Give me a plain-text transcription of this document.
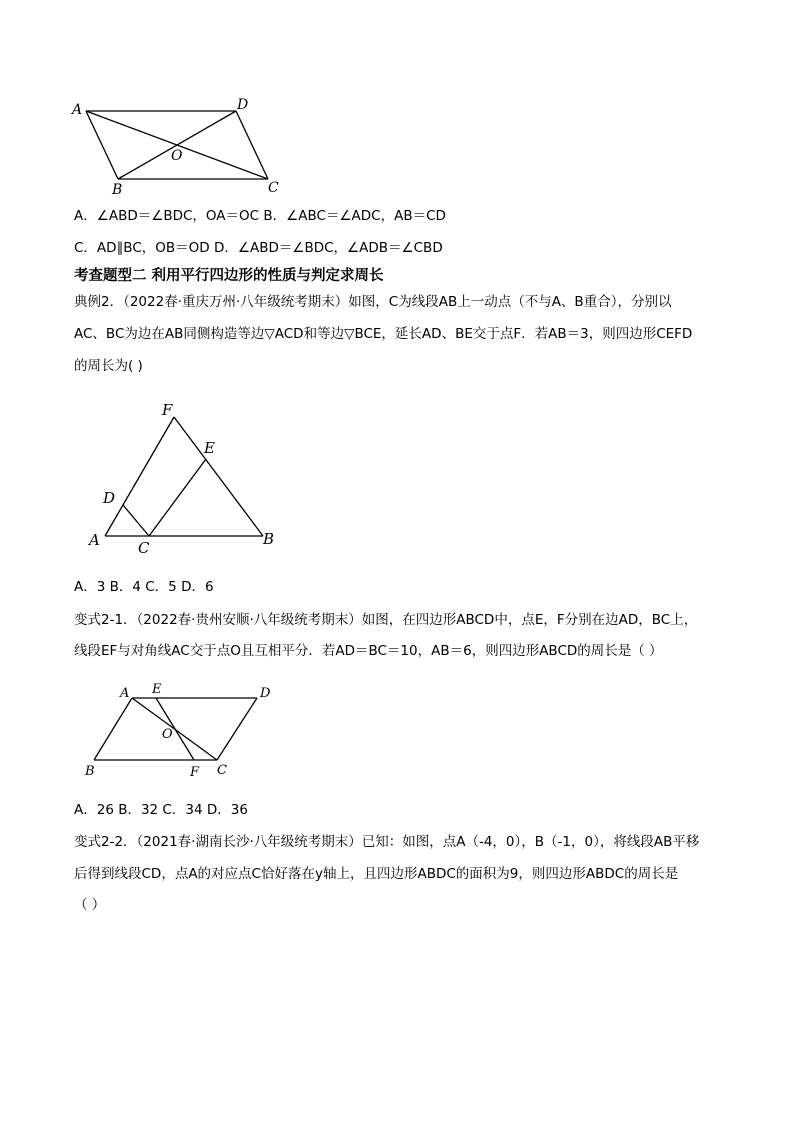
A	D
O
B	C
A．∠ABD＝∠BDC，OA＝OC B．∠ABC＝∠ADC，AB＝CD
C．AD∥BC，OB＝OD D．∠ABD＝∠BDC，∠ADB＝∠CBD
考查题型二 利用平行四边形的性质与判定求周长
典例2．（2022春·重庆万州·八年级统考期末）如图，C为线段AB上一动点（不与A、B重合），分别以
AC、BC为边在AB同侧构造等边▽ACD和等边▽BCE，延长AD、BE交于点F．若AB＝3，则四边形CEFD
的周长为( )
F
E
D
A	C	B
A．3 B．4 C．5 D．6
变式2-1．（2022春·贵州安顺·八年级统考期末）如图，在四边形ABCD中，点E，F分别在边AD，BC上，
线段EF与对角线AC交于点O且互相平分．若AD＝BC＝10，AB＝6，则四边形ABCD的周长是（ ）
A E	D
O
B	F C
A．26 B．32 C．34 D．36
变式2-2．（2021春·湖南长沙·八年级统考期末）已知：如图，点A（-4，0），B（-1，0），将线段AB平移
后得到线段CD，点A的对应点C恰好落在y轴上，且四边形ABDC的面积为9，则四边形ABDC的周长是
（ ）
